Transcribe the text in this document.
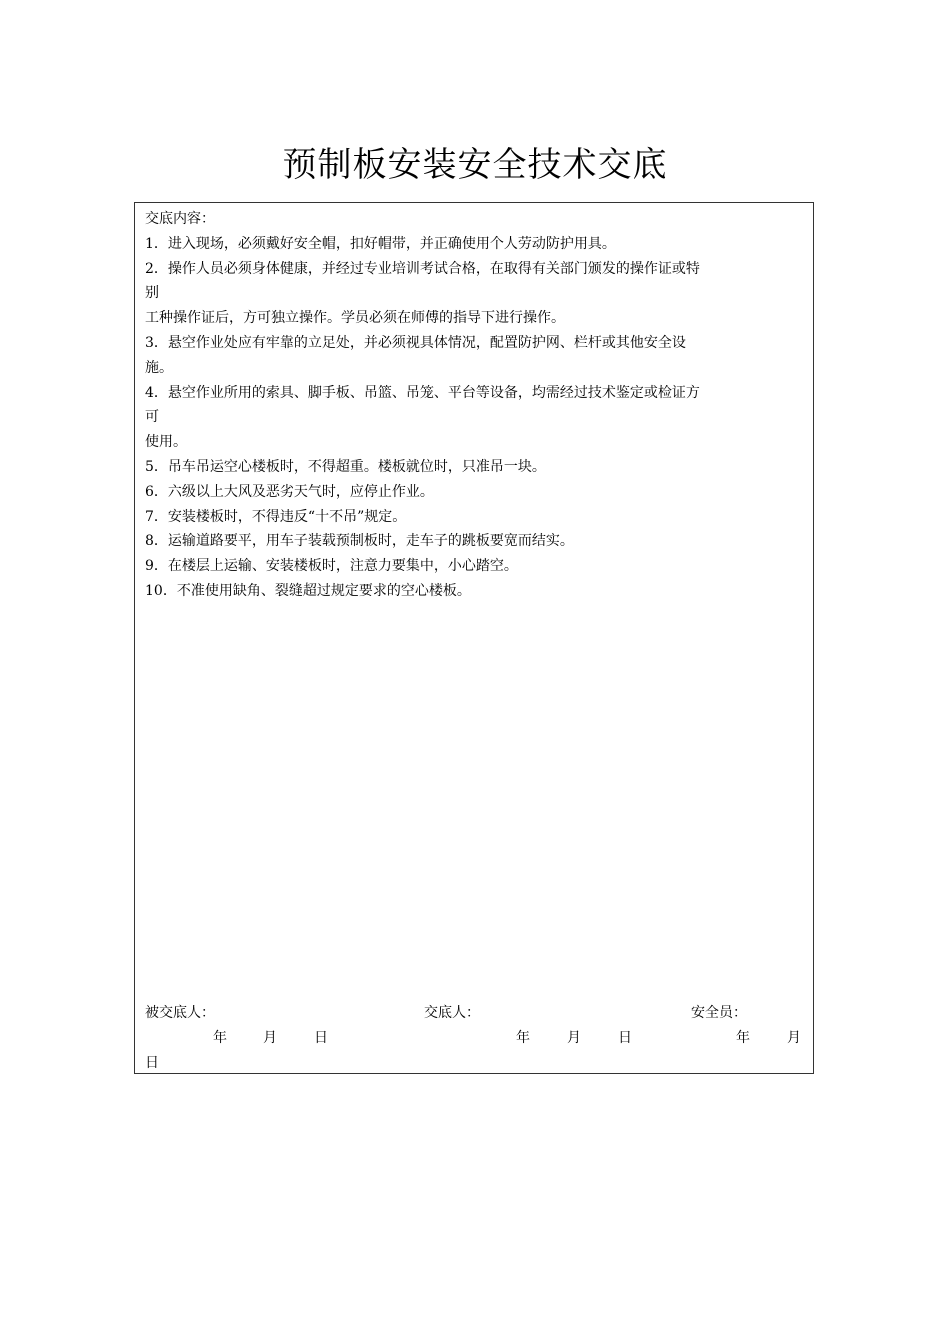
预制板安装安全技术交底
交底内容：
1．进入现场，必须戴好安全帽，扣好帽带，并正确使用个人劳动防护用具。
2．操作人员必须身体健康，并经过专业培训考试合格，在取得有关部门颁发的操作证或特
别
工种操作证后，方可独立操作。学员必须在师傅的指导下进行操作。
3．悬空作业处应有牢靠的立足处，并必须视具体情况，配置防护网、栏杆或其他安全设
施。
4．悬空作业所用的索具、脚手板、吊篮、吊笼、平台等设备，均需经过技术鉴定或检证方
可
使用。
5．吊车吊运空心楼板时，不得超重。楼板就位时，只准吊一块。
6．六级以上大风及恶劣天气时，应停止作业。
7．安装楼板时，不得违反“十不吊”规定。
8．运输道路要平，用车子装载预制板时，走车子的跳板要宽而结实。
9．在楼层上运输、安装楼板时，注意力要集中，小心踏空。
10．不准使用缺角、裂缝超过规定要求的空心楼板。
被交底人：	交底人：	安全员：
年	月	日	年	月	日	年	月
日
